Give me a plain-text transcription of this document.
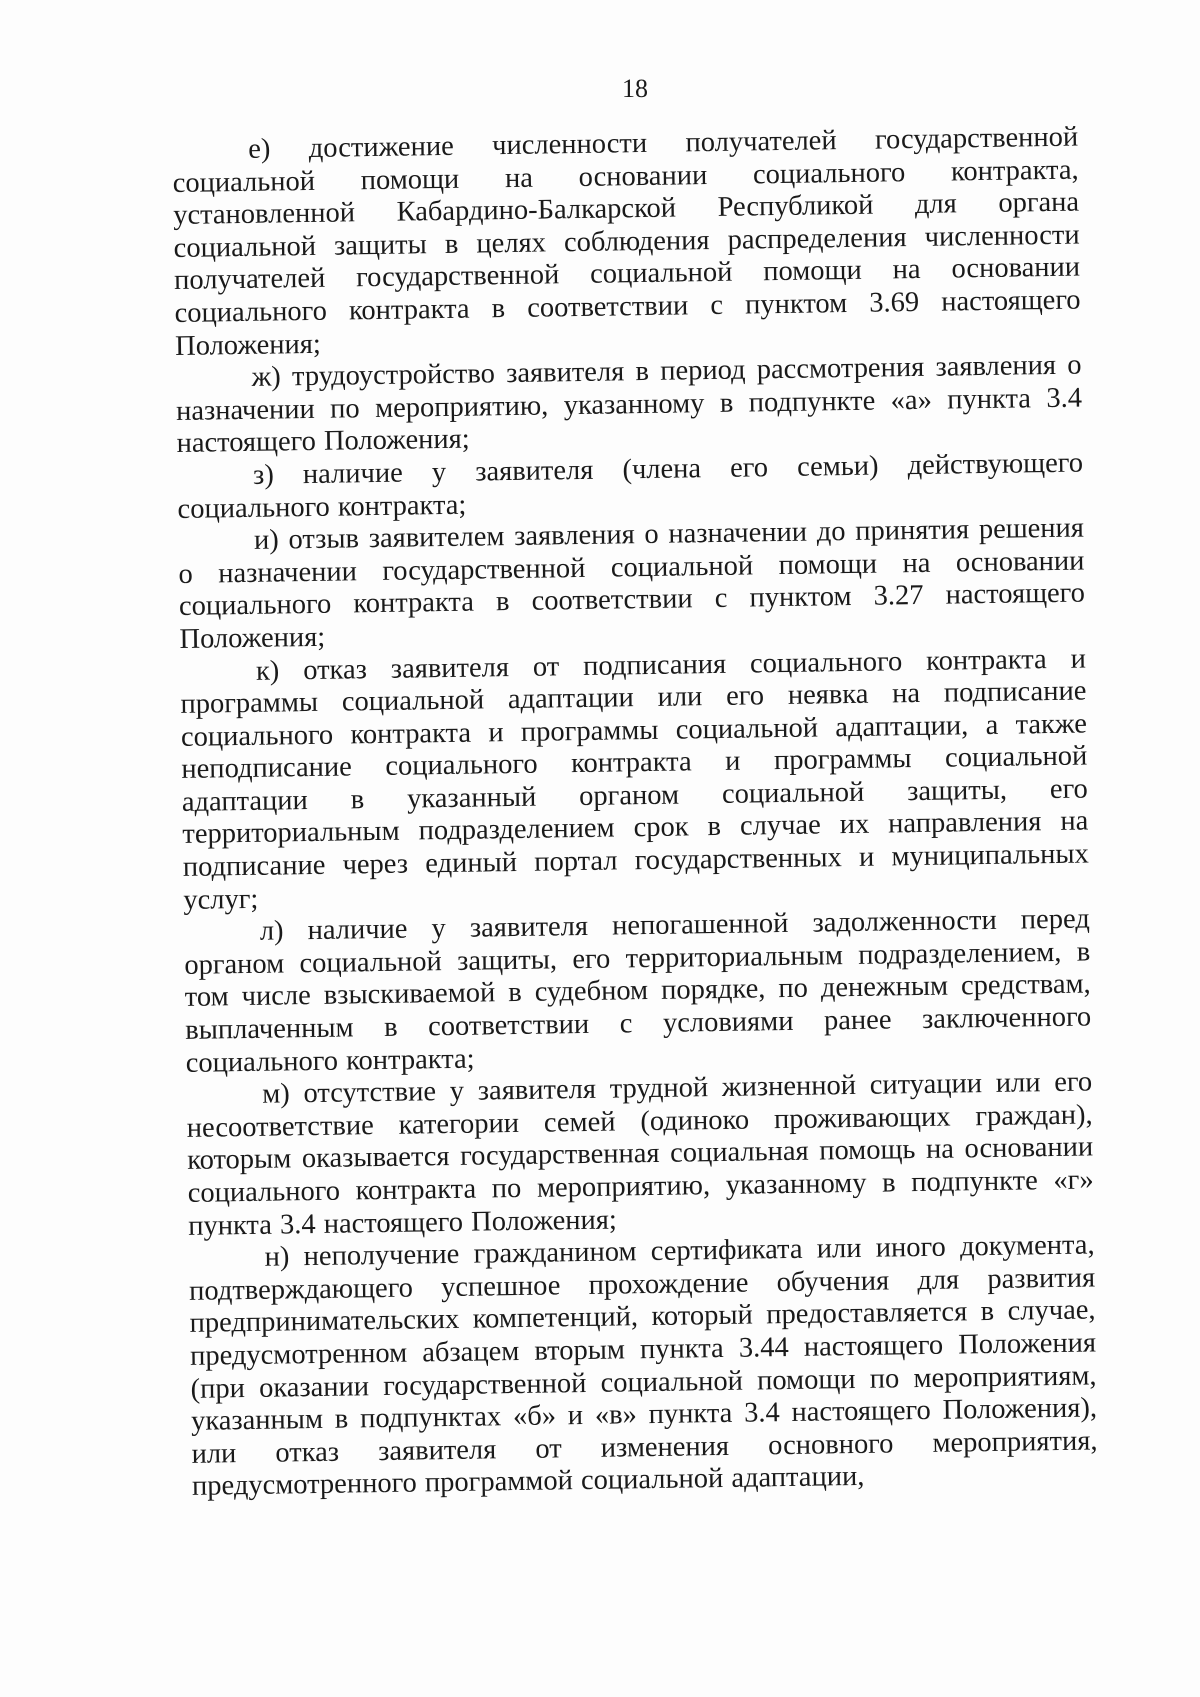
18

е) достижение численности получателей государственной социальной помощи на основании социального контракта, установленной Кабардино-Балкарской Республикой для органа социальной защиты в целях соблюдения распределения численности получателей государственной социальной помощи на основании социального контракта в соответствии с пунктом 3.69 настоящего Положения;

ж) трудоустройство заявителя в период рассмотрения заявления о назначении по мероприятию, указанному в подпункте «а» пункта 3.4 настоящего Положения;

з) наличие у заявителя (члена его семьи) действующего социального контракта;

и) отзыв заявителем заявления о назначении до принятия решения о назначении государственной социальной помощи на основании социального контракта в соответствии с пунктом 3.27 настоящего Положения;

к) отказ заявителя от подписания социального контракта и программы социальной адаптации или его неявка на подписание социального контракта и программы социальной адаптации, а также неподписание социального контракта и программы социальной адаптации в указанный органом социальной защиты, его территориальным подразделением срок в случае их направления на подписание через единый портал государственных и муниципальных услуг;

л) наличие у заявителя непогашенной задолженности перед органом социальной защиты, его территориальным подразделением, в том числе взыскиваемой в судебном порядке, по денежным средствам, выплаченным в соответствии с условиями ранее заключенного социального контракта;

м) отсутствие у заявителя трудной жизненной ситуации или его несоответствие категории семей (одиноко проживающих граждан), которым оказывается государственная социальная помощь на основании социального контракта по мероприятию, указанному в подпункте «г» пункта 3.4 настоящего Положения;

н) неполучение гражданином сертификата или иного документа, подтверждающего успешное прохождение обучения для развития предпринимательских компетенций, который предоставляется в случае, предусмотренном абзацем вторым пункта 3.44 настоящего Положения (при оказании государственной социальной помощи по мероприятиям, указанным в подпунктах «б» и «в» пункта 3.4 настоящего Положения), или отказ заявителя от изменения основного мероприятия, предусмотренного программой социальной адаптации,
